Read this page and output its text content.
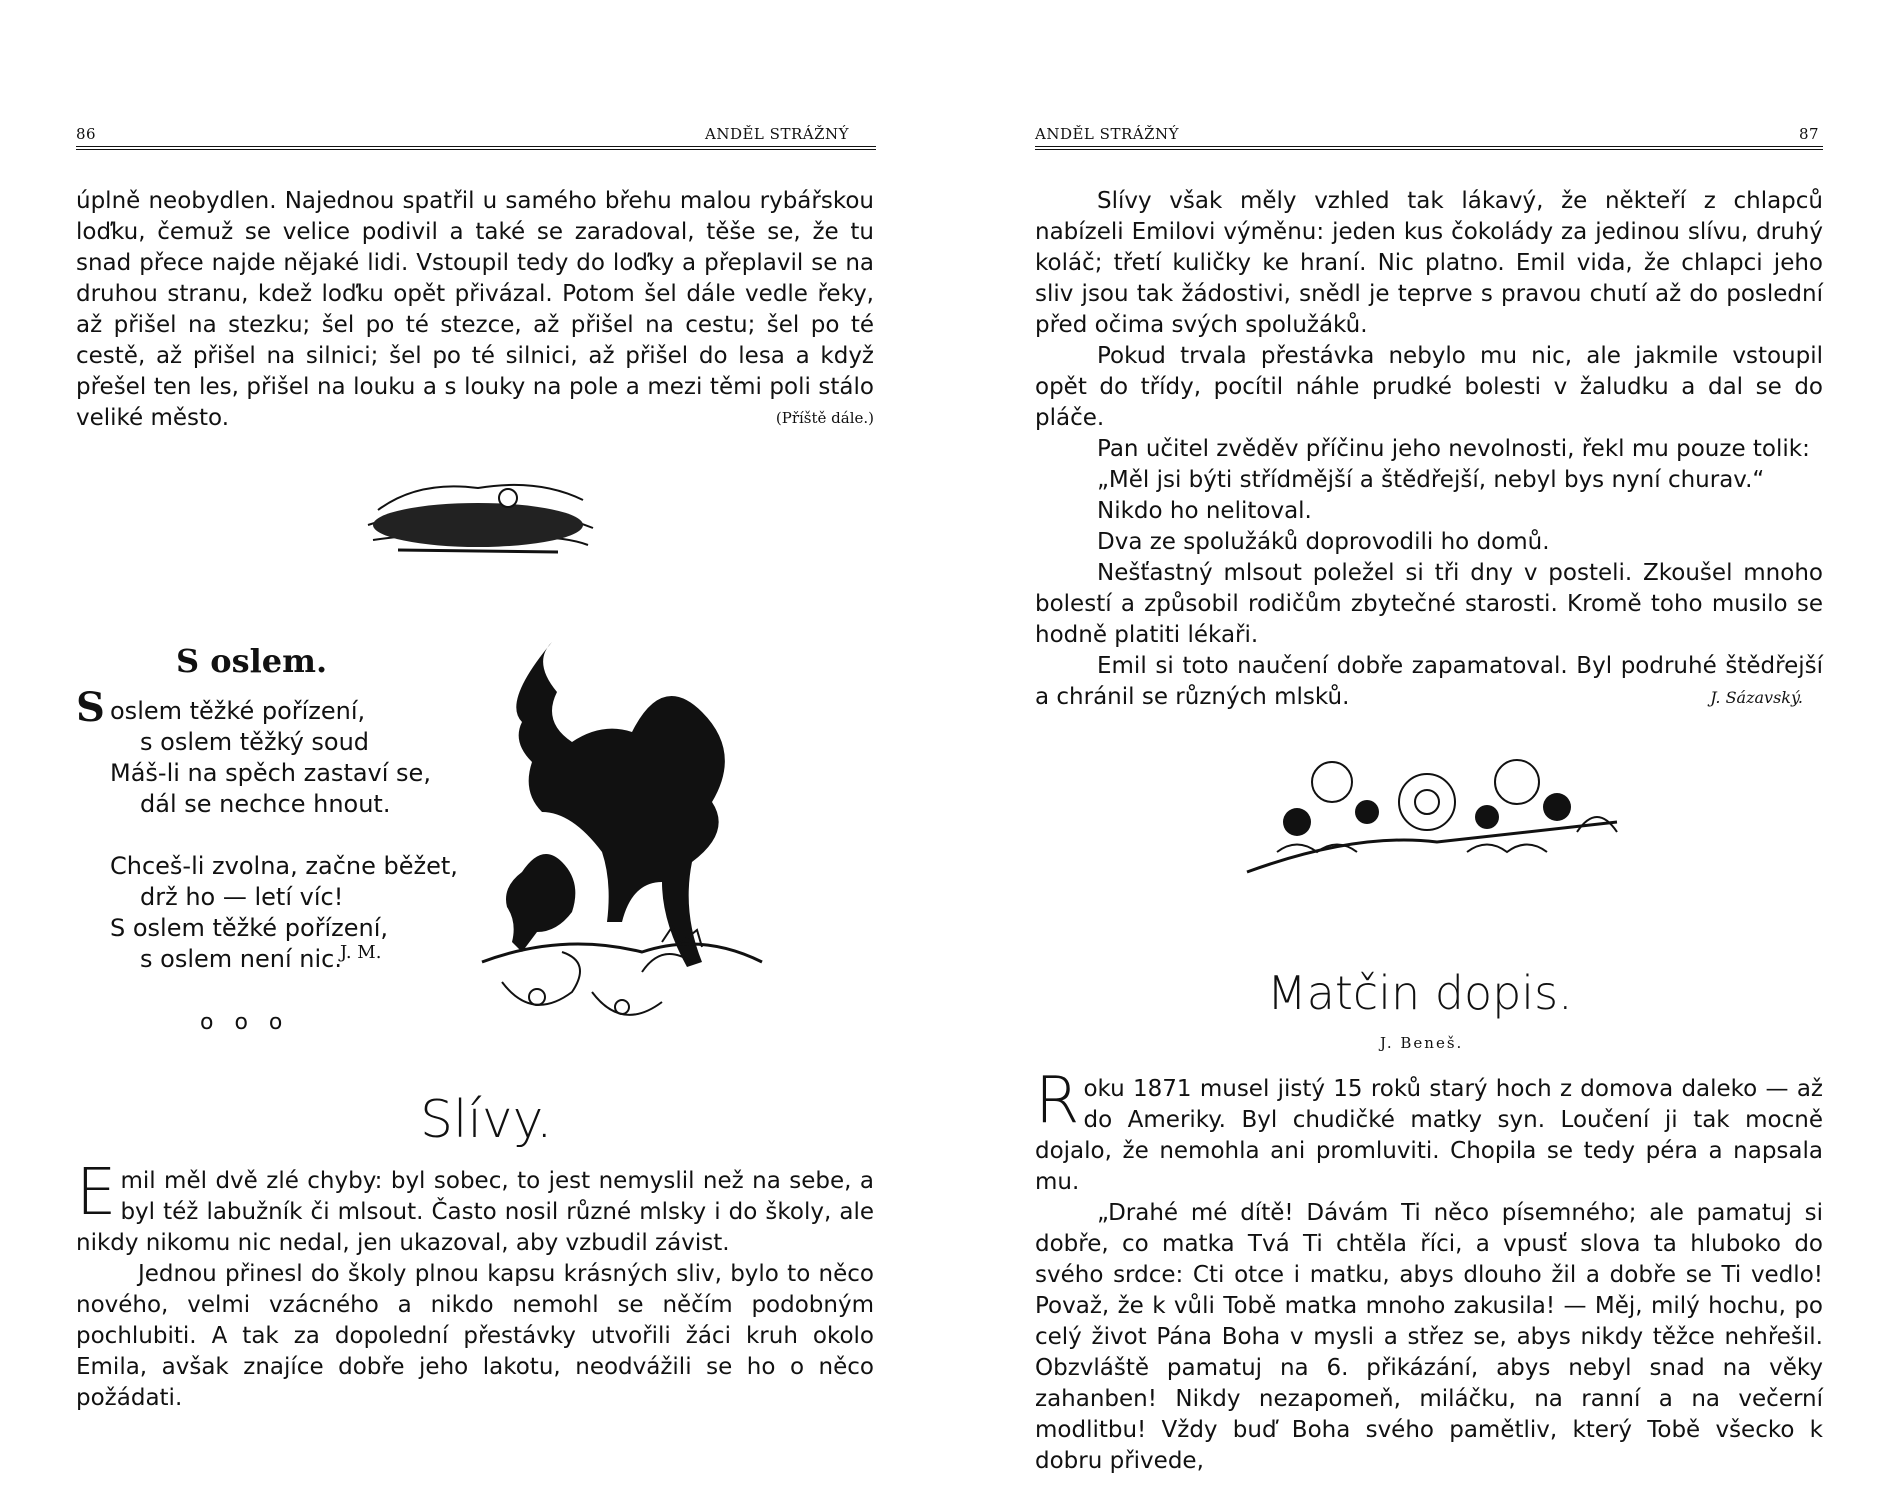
86	ANDĚL STRÁŽNÝ

úplně neobydlen. Najednou spatřil u samého břehu malou rybářskou loďku, čemuž se velice podivil a také se zaradoval, těše se, že tu snad přece najde nějaké lidi. Vstoupil tedy do loďky a přeplavil se na druhou stranu, kdež loďku opět přivázal. Potom šel dále vedle řeky, až přišel na stezku; šel po té stezce, až přišel na cestu; šel po té cestě, až přišel na silnici; šel po té silnici, až přišel do lesa a když přešel ten les, přišel na louku a s louky na pole a mezi těmi poli stálo veliké město.	(Příště dále.)

S oslem.
S oslem těžké pořízení,
s oslem těžký soud
Máš-li na spěch zastaví se,
dál se nechce hnout.
Chceš-li zvolna, začne běžet,
drž ho — letí víc!
S oslem těžké pořízení,
s oslem není nic.
J. M.
o   o   o
Slívy.

Emil měl dvě zlé chyby: byl sobec, to jest nemyslil než na sebe, a byl též labužník či mlsout. Často nosil různé mlsky i do školy, ale nikdy nikomu nic nedal, jen ukazoval, aby vzbudil závist.

Jednou přinesl do školy plnou kapsu krásných sliv, bylo to něco nového, velmi vzácného a nikdo nemohl se něčím podobným pochlubiti. A tak za dopolední přestávky utvořili žáci kruh okolo Emila, avšak znajíce dobře jeho lakotu, neodvážili se ho o něco požádati.

ANDĚL STRÁŽNÝ	87

Slívy však měly vzhled tak lákavý, že někteří z chlapců nabízeli Emilovi výměnu: jeden kus čokolády za jedinou slívu, druhý koláč; třetí kuličky ke hraní. Nic platno. Emil vida, že chlapci jeho sliv jsou tak žádostivi, snědl je teprve s pravou chutí až do poslední před očima svých spolužáků.

Pokud trvala přestávka nebylo mu nic, ale jakmile vstoupil opět do třídy, pocítil náhle prudké bolesti v žaludku a dal se do pláče.

Pan učitel zvěděv příčinu jeho nevolnosti, řekl mu pouze tolik:

„Měl jsi býti střídmější a štědřejší, nebyl bys nyní churav.“

Nikdo ho nelitoval.

Dva ze spolužáků doprovodili ho domů.

Nešťastný mlsout poležel si tři dny v posteli. Zkoušel mnoho bolestí a způsobil rodičům zbytečné starosti. Kromě toho musilo se hodně platiti lékaři.

Emil si toto naučení dobře zapamatoval. Byl podruhé štědřejší a chránil se různých mlsků.	J. Sázavský.

Matčin dopis.
J. Beneš.

Roku 1871 musel jistý 15 roků starý hoch z domova daleko — až do Ameriky. Byl chudičké matky syn. Loučení ji tak mocně dojalo, že nemohla ani promluviti. Chopila se tedy péra a napsala mu.

„Drahé mé dítě! Dávám Ti něco písemného; ale pamatuj si dobře, co matka Tvá Ti chtěla říci, a vpusť slova ta hluboko do svého srdce: Cti otce i matku, abys dlouho žil a dobře se Ti vedlo! Považ, že k vůli Tobě matka mnoho zakusila! — Měj, milý hochu, po celý život Pána Boha v mysli a střez se, abys nikdy těžce nehřešil. Obzvláště pamatuj na 6. přikázání, abys nebyl snad na věky zahanben! Nikdy nezapomeň, miláčku, na ranní a na večerní modlitbu! Vždy buď Boha svého pamětliv, který Tobě všecko k dobru přivede,
